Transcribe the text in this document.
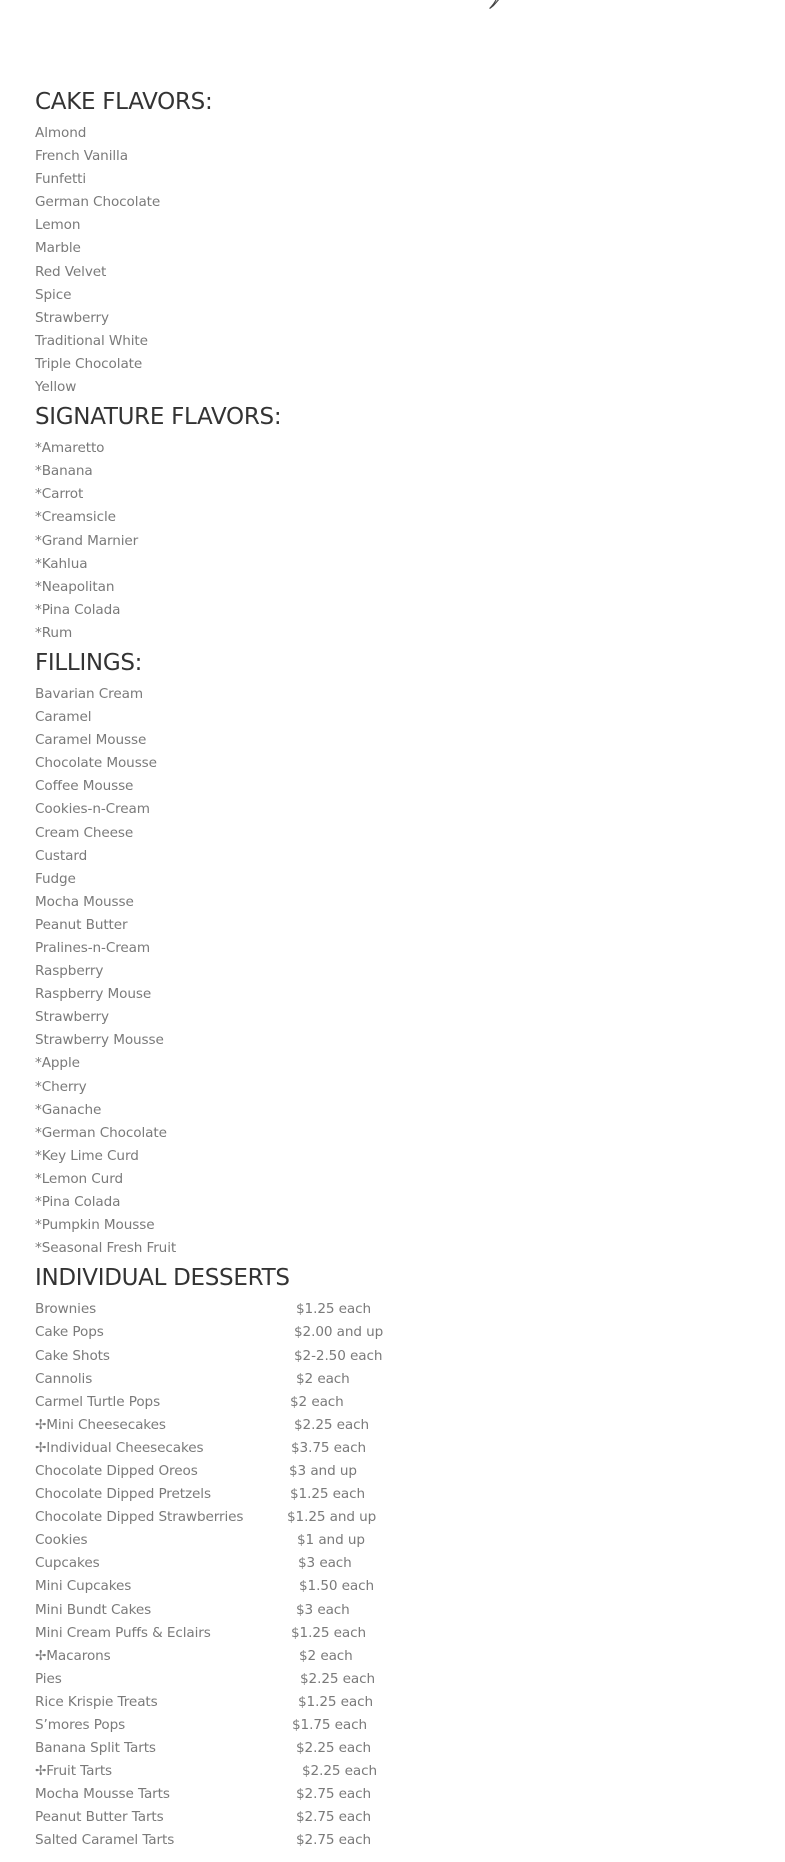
CAKE FLAVORS:
Almond
French Vanilla
Funfetti
German Chocolate
Lemon
Marble
Red Velvet
Spice
Strawberry
Traditional White
Triple Chocolate
Yellow
SIGNATURE FLAVORS:
*Amaretto
*Banana
*Carrot
*Creamsicle
*Grand Marnier
*Kahlua
*Neapolitan
*Pina Colada
*Rum
FILLINGS:
Bavarian Cream
Caramel
Caramel Mousse
Chocolate Mousse
Coffee Mousse
Cookies-n-Cream
Cream Cheese
Custard
Fudge
Mocha Mousse
Peanut Butter
Pralines-n-Cream
Raspberry
Raspberry Mouse
Strawberry
Strawberry Mousse
*Apple
*Cherry
*Ganache
*German Chocolate
*Key Lime Curd
*Lemon Curd
*Pina Colada
*Pumpkin Mousse
*Seasonal Fresh Fruit
INDIVIDUAL DESSERTS
Brownies	$1.25 each
Cake Pops	$2.00 and up
Cake Shots	$2-2.50 each
Cannolis	$2 each
Carmel Turtle Pops	$2 each
✢Mini Cheesecakes	$2.25 each
✢Individual Cheesecakes	$3.75 each
Chocolate Dipped Oreos	$3 and up
Chocolate Dipped Pretzels	$1.25 each
Chocolate Dipped Strawberries	$1.25 and up
Cookies	$1 and up
Cupcakes	$3 each
Mini Cupcakes	$1.50 each
Mini Bundt Cakes	$3 each
Mini Cream Puffs & Eclairs	$1.25 each
✢Macarons	$2 each
Pies	$2.25 each
Rice Krispie Treats	$1.25 each
S’mores Pops	$1.75 each
Banana Split Tarts	$2.25 each
✢Fruit Tarts	$2.25 each
Mocha Mousse Tarts	$2.75 each
Peanut Butter Tarts	$2.75 each
Salted Caramel Tarts	$2.75 each
